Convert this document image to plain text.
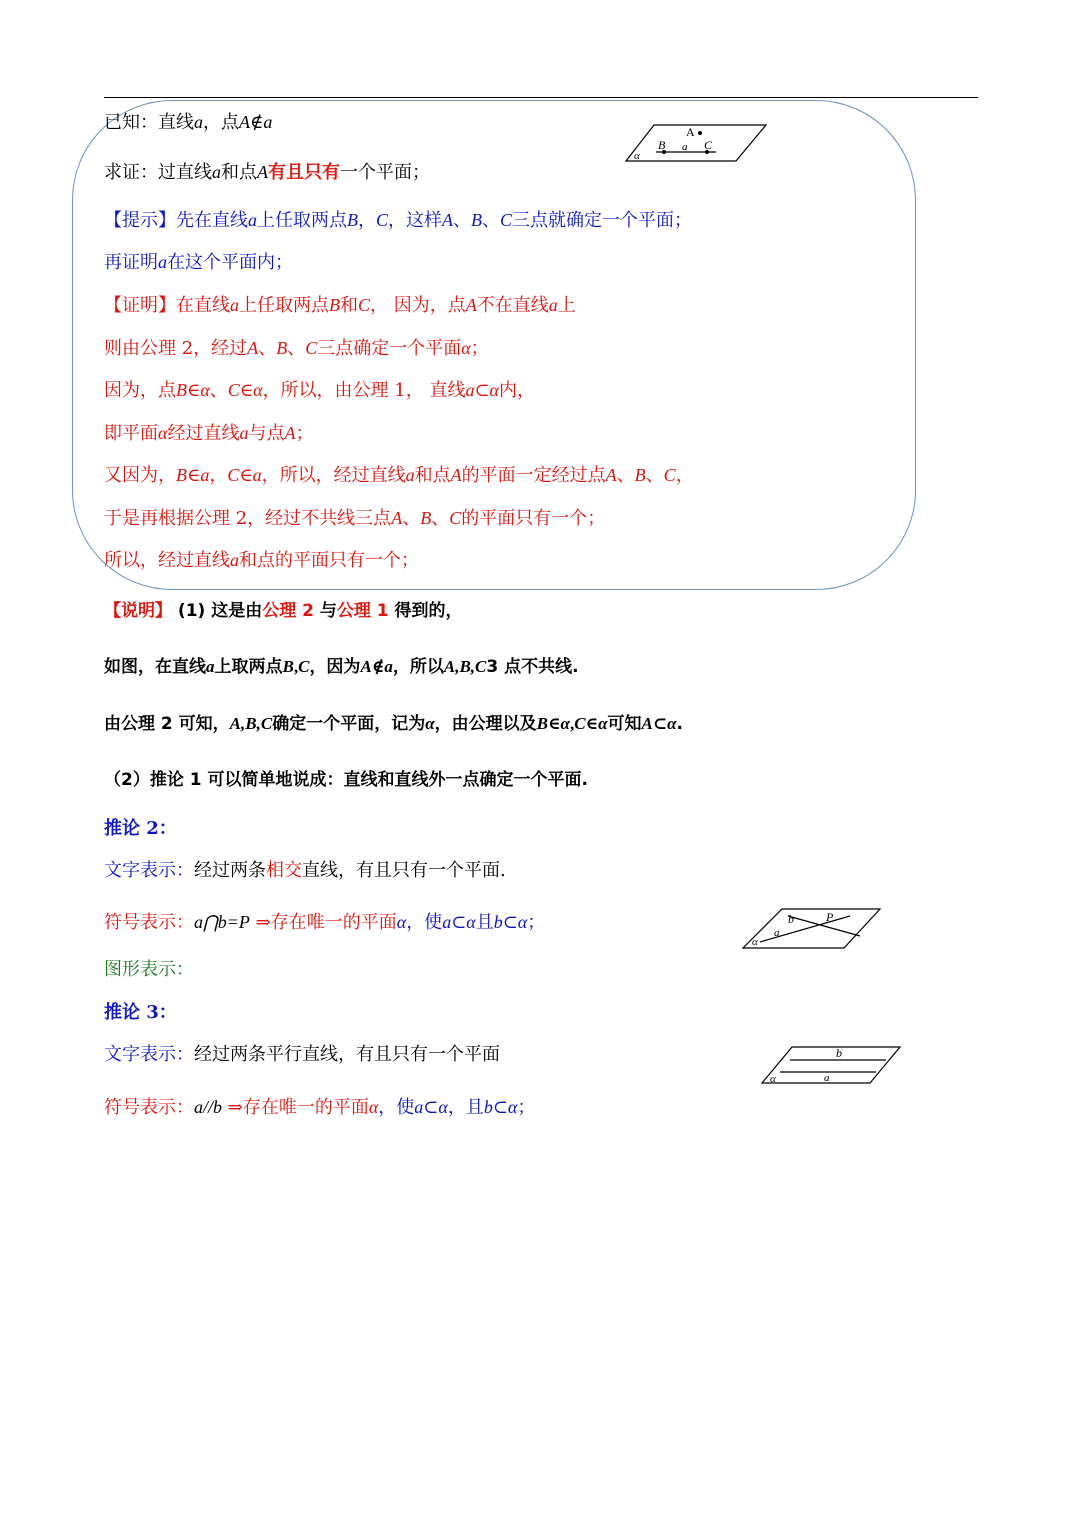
A
B a C
α
b	P
a
α
b
a
α
已知：直线a，点A∉a
求证：过直线a和点A有且只有一个平面；
【提示】先在直线a上任取两点B，C，这样A、B、C三点就确定一个平面；
再证明a在这个平面内；
【证明】在直线a上任取两点B和C， 因为，点A不在直线a上
则由公理 2，经过A、B、C三点确定一个平面α；
因为，点B∈α、C∈α，所以，由公理 1， 直线a⊂α内，
即平面α经过直线a与点A；
又因为，B∈a，C∈a，所以，经过直线a和点A的平面一定经过点A、B、C，
于是再根据公理 2，经过不共线三点A、B、C的平面只有一个；
所以，经过直线a和点的平面只有一个；
【说明】 (1) 这是由公理 2 与公理 1 得到的，
如图，在直线a上取两点B,C，因为A∉a，所以A,B,C3 点不共线.
由公理 2 可知，A,B,C确定一个平面，记为α，由公理以及B∈α,C∈α可知A⊂α.
（2）推论 1 可以简单地说成：直线和直线外一点确定一个平面.
推论 2：
文字表示：经过两条相交直线，有且只有一个平面.
符号表示：a⋂b=P ⇒存在唯一的平面α，使a⊂α且b⊂α；
图形表示：
推论 3：
文字表示：经过两条平行直线，有且只有一个平面
符号表示：a//b ⇒存在唯一的平面α，使a⊂α，且b⊂α；
